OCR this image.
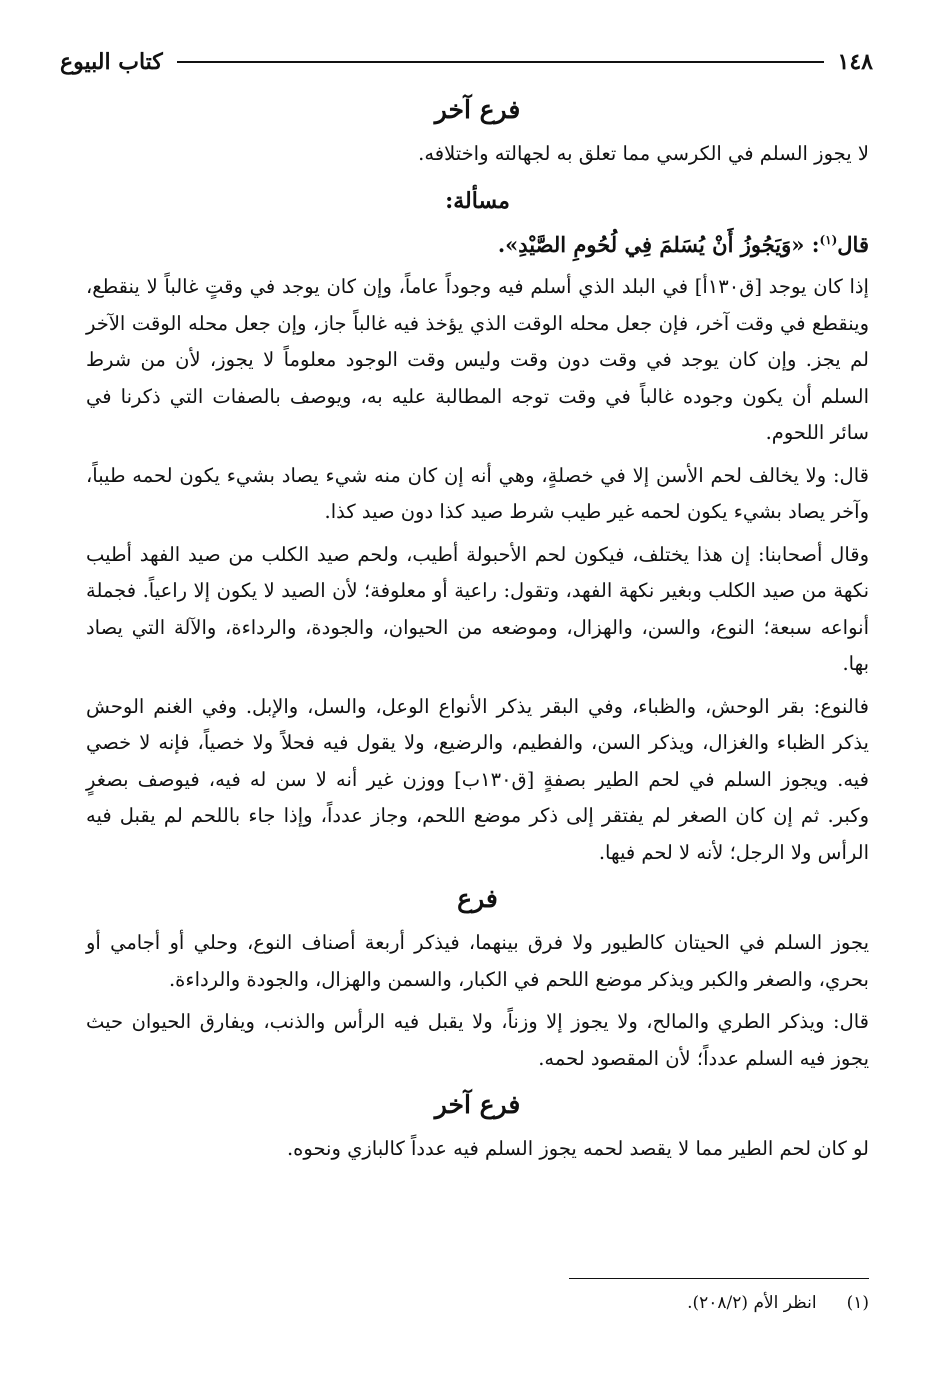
١٤٨
كتاب البيوع
فرع آخر

لا يجوز السلم في الكرسي مما تعلق به لجهالته واختلافه.

مسألة:

قال$^{(١)}$: «وَيَجُوزُ أَنْ يُسَلمَ فِي لُحُومِ الصَّيْدِ».

إذا كان يوجد [ق١٣٠أ] في البلد الذي أسلم فيه وجوداً عاماً، وإن كان يوجد في وقتٍ غالباً لا ينقطع، وينقطع في وقت آخر، فإن جعل محله الوقت الذي يؤخذ فيه غالباً جاز، وإن جعل محله الوقت الآخر لم يجز. وإن كان يوجد في وقت دون وقت وليس وقت الوجود معلوماً لا يجوز، لأن من شرط السلم أن يكون وجوده غالباً في وقت توجه المطالبة عليه به، ويوصف بالصفات التي ذكرنا في سائر اللحوم.

قال: ولا يخالف لحم الأسن إلا في خصلةٍ، وهي أنه إن كان منه شيء يصاد بشيء يكون لحمه طيباً، وآخر يصاد بشيء يكون لحمه غير طيب شرط صيد كذا دون صيد كذا.

وقال أصحابنا: إن هذا يختلف، فيكون لحم الأحبولة أطيب، ولحم صيد الكلب من صيد الفهد أطيب نكهة من صيد الكلب وبغير نكهة الفهد، وتقول: راعية أو معلوفة؛ لأن الصيد لا يكون إلا راعياً. فجملة أنواعه سبعة؛ النوع، والسن، والهزال، وموضعه من الحيوان، والجودة، والرداءة، والآلة التي يصاد بها.

فالنوع: بقر الوحش، والظباء، وفي البقر يذكر الأنواع الوعل، والسل، والإبل. وفي الغنم الوحش يذكر الظباء والغزال، ويذكر السن، والفطيم، والرضيع، ولا يقول فيه فحلاً ولا خصياً، فإنه لا خصي فيه. ويجوز السلم في لحم الطير بصفةٍ [ق١٣٠ب] ووزن غير أنه لا سن له فيه، فيوصف بصغرٍ وكبر. ثم إن كان الصغر لم يفتقر إلى ذكر موضع اللحم، وجاز عدداً، وإذا جاء باللحم لم يقبل فيه الرأس ولا الرجل؛ لأنه لا لحم فيها.

فرع

يجوز السلم في الحيتان كالطيور ولا فرق بينهما، فيذكر أربعة أصناف النوع، وحلي أو أجامي أو بحري، والصغر والكبر ويذكر موضع اللحم في الكبار، والسمن والهزال، والجودة والرداءة.

قال: ويذكر الطري والمالح، ولا يجوز إلا وزناً، ولا يقبل فيه الرأس والذنب، ويفارق الحيوان حيث يجوز فيه السلم عدداً؛ لأن المقصود لحمه.

فرع آخر

لو كان لحم الطير مما لا يقصد لحمه يجوز السلم فيه عدداً كالبازي ونحوه.

(١)انظر الأم (٢٠٨/٢).
